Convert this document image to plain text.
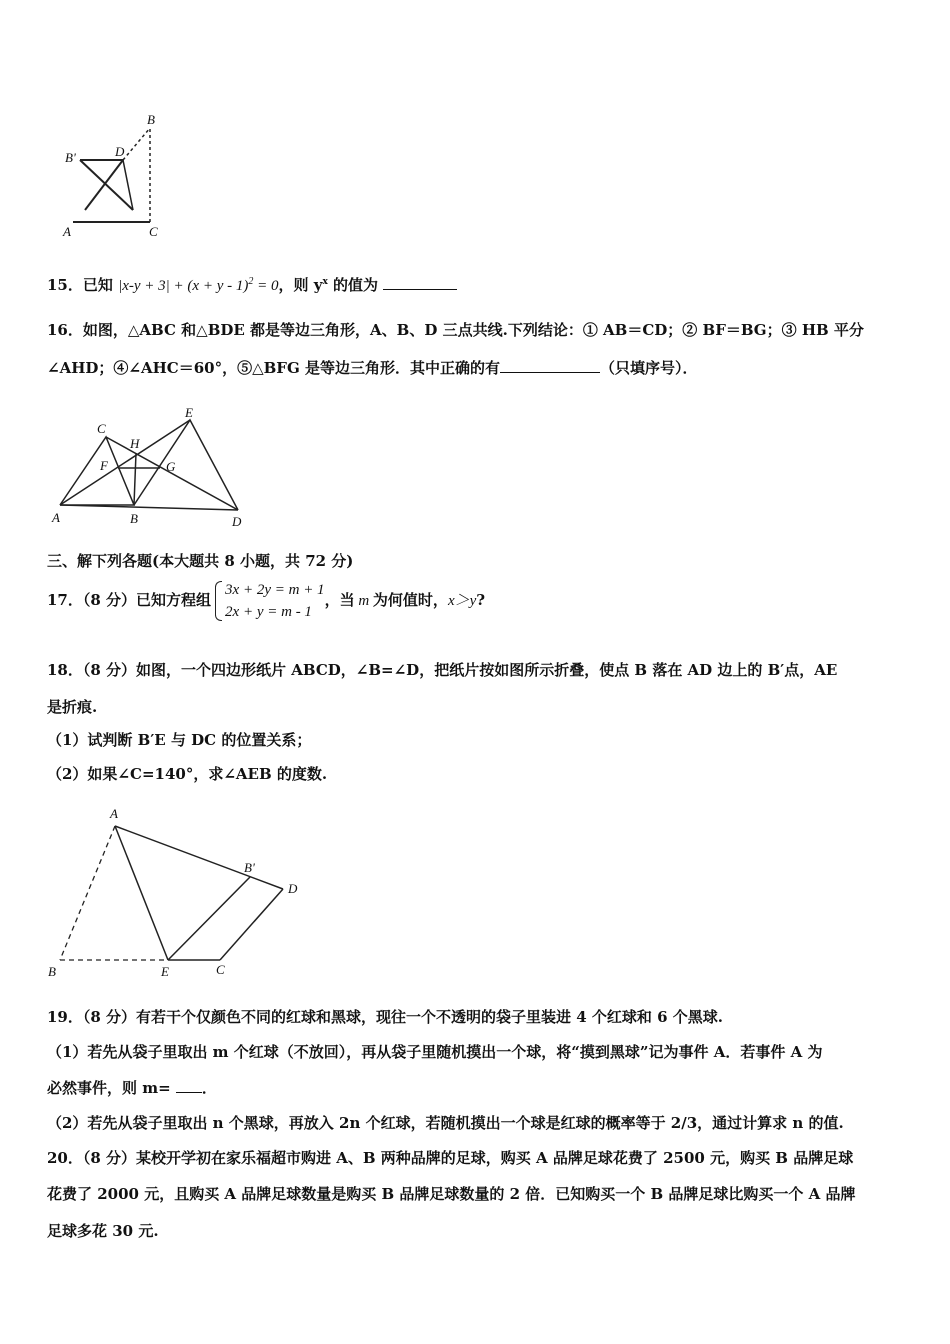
B
B'	D
A	C
15．已知 $|x-y + 3| + (x + y - 1)^2 = 0$，则 $y^x$ 的值为
16．如图，△ABC 和△BDE 都是等边三角形，A、B、D 三点共线.下列结论：① AB＝CD；② BF＝BG；③ HB 平分
∠AHD；④∠AHC＝60°，⑤△BFG 是等边三角形．其中正确的有	（只填序号）．
A	B
C
D
E
F	G
H
三、解下列各题(本大题共 8 小题，共 72 分)
17．（8 分）已知方程组
3x + 2y = m + 1
2x + y = m - 1
，当 m 为何值时，x＞y?
18．（8 分）如图，一个四边形纸片 ABCD，∠B=∠D，把纸片按如图所示折叠，使点 B 落在 AD 边上的 B′点，AE
是折痕.
（1）试判断 B′E 与 DC 的位置关系；
（2）如果∠C=140°，求∠AEB 的度数.
A
B'
D
B	E	C
19．（8 分）有若干个仅颜色不同的红球和黑球，现往一个不透明的袋子里装进 4 个红球和 6 个黑球.
（1）若先从袋子里取出 m 个红球（不放回），再从袋子里随机摸出一个球，将“摸到黑球”记为事件 A．若事件 A 为
必然事件，则 m= ．
（2）若先从袋子里取出 n 个黑球，再放入 2n 个红球，若随机摸出一个球是红球的概率等于 2/3，通过计算求 n 的值.
20．（8 分）某校开学初在家乐福超市购进 A、B 两种品牌的足球，购买 A 品牌足球花费了 2500 元，购买 B 品牌足球
花费了 2000 元，且购买 A 品牌足球数量是购买 B 品牌足球数量的 2 倍．已知购买一个 B 品牌足球比购买一个 A 品牌
足球多花 30 元.
